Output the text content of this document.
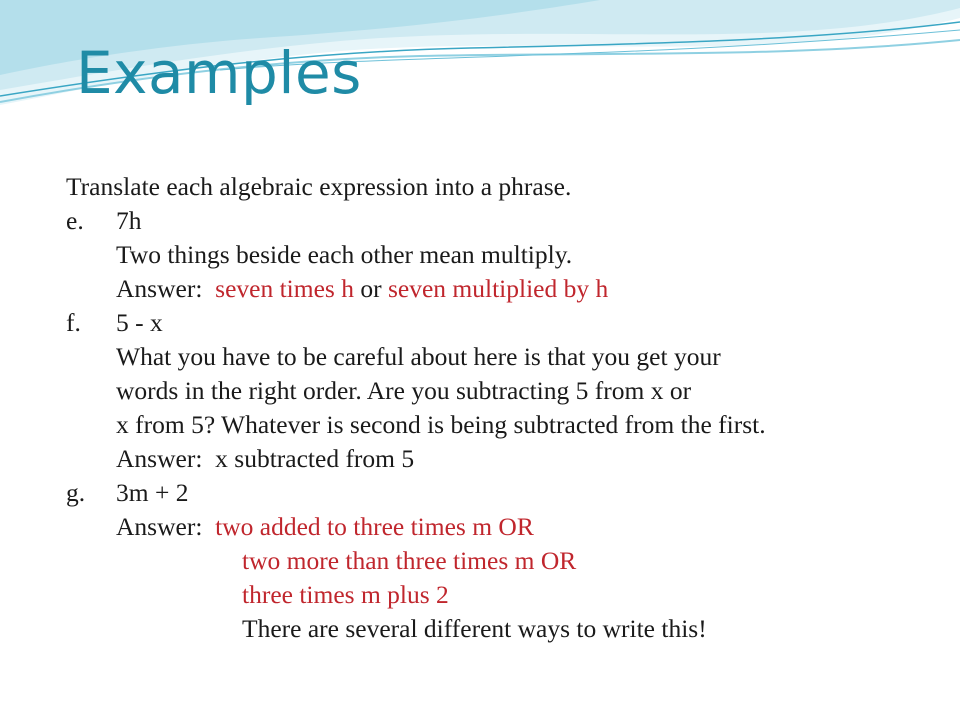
Examples
Translate each algebraic expression into a phrase.
e. 7h
Two things beside each other mean multiply.
Answer: seven times h or seven multiplied by h
f. 5 - x
What you have to be careful about here is that you get your
words in the right order. Are you subtracting 5 from x or
x from 5? Whatever is second is being subtracted from the first.
Answer: x subtracted from 5
g. 3m + 2
Answer: two added to three times m OR
two more than three times m OR
three times m plus 2
There are several different ways to write this!
